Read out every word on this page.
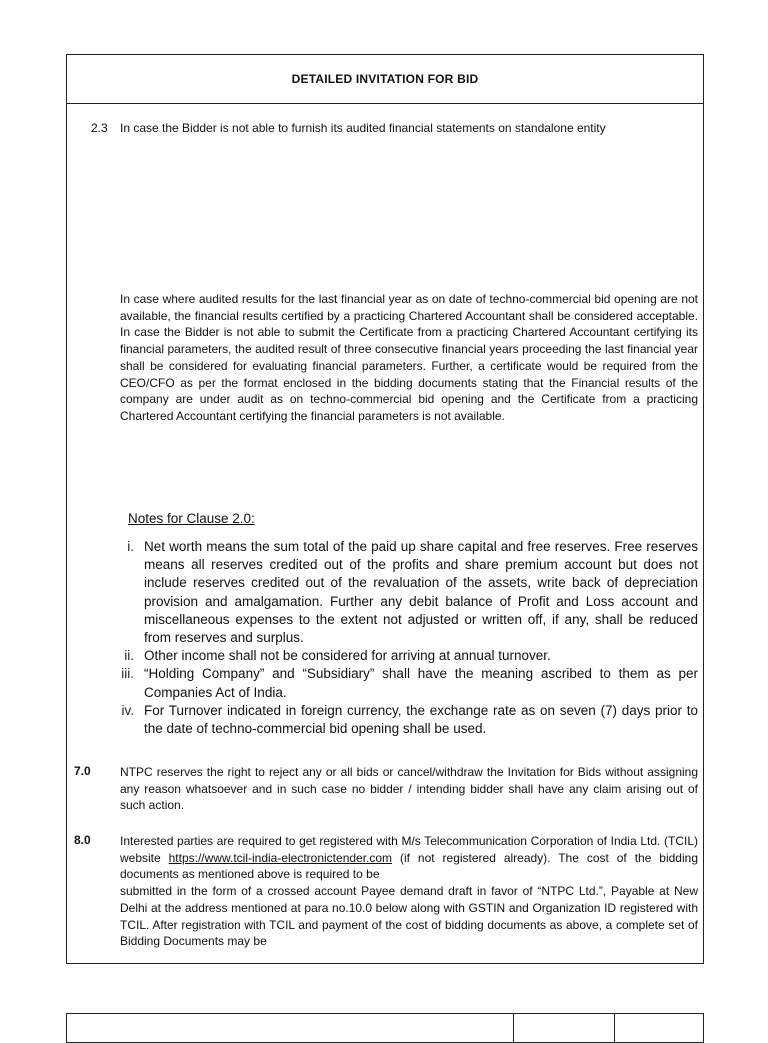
DETAILED INVITATION FOR BID
2.3 In case the Bidder is not able to furnish its audited financial statements on standalone entity

In case where audited results for the last financial year as on date of techno-commercial bid opening are not available, the financial results certified by a practicing Chartered Accountant shall be considered acceptable. In case the Bidder is not able to submit the Certificate from a practicing Chartered Accountant certifying its financial parameters, the audited result of three consecutive financial years proceeding the last financial year shall be considered for evaluating financial parameters. Further, a certificate would be required from the CEO/CFO as per the format enclosed in the bidding documents stating that the Financial results of the company are under audit as on techno-commercial bid opening and the Certificate from a practicing Chartered Accountant certifying the financial parameters is not available.

Notes for Clause 2.0:
i. Net worth means the sum total of the paid up share capital and free reserves. Free reserves means all reserves credited out of the profits and share premium account but does not include reserves credited out of the revaluation of the assets, write back of depreciation provision and amalgamation. Further any debit balance of Profit and Loss account and miscellaneous expenses to the extent not adjusted or written off, if any, shall be reduced from reserves and surplus.
ii. Other income shall not be considered for arriving at annual turnover.
iii. “Holding Company” and “Subsidiary” shall have the meaning ascribed to them as per Companies Act of India.
iv. For Turnover indicated in foreign currency, the exchange rate as on seven (7) days prior to the date of techno-commercial bid opening shall be used.
7.0 NTPC reserves the right to reject any or all bids or cancel/withdraw the Invitation for Bids without assigning any reason whatsoever and in such case no bidder / intending bidder shall have any claim arising out of such action.

8.0 Interested parties are required to get registered with M/s Telecommunication Corporation of India Ltd. (TCIL) website https://www.tcil-india-electronictender.com (if not registered already). The cost of the bidding documents as mentioned above is required to be
submitted in the form of a crossed account Payee demand draft in favor of “NTPC Ltd.”, Payable at New Delhi at the address mentioned at para no.10.0 below along with GSTIN and Organization ID registered with TCIL. After registration with TCIL and payment of the cost of bidding documents as above, a complete set of Bidding Documents may be
